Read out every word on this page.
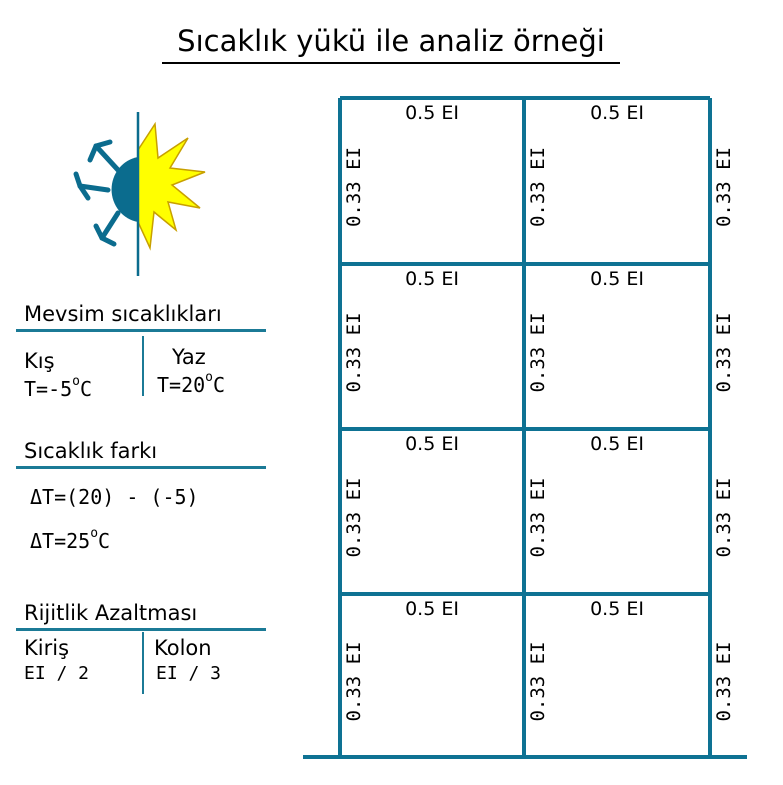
Sıcaklık yükü ile analiz örneği
0.33 EI
0.33 EI
0.33 EI
0.33 EI
0.33 EI
0.33 EI
0.33 EI
0.33 EI
0.33 EI
0.33 EI
0.33 EI
0.33 EI
0.5 EI	0.5 EI
0.5 EI	0.5 EI
0.5 EI	0.5 EI
0.5 EI	0.5 EI
Mevsim sıcaklıkları
Kış
$T=-5^oC$
Yaz
$T=20^oC$
Sıcaklık farkı
ΔT=(20) - (-5)
$\Delta T=25^oC$
Rijitlik Azaltması
Kiriş
EI / 2
Kolon
EI / 3
